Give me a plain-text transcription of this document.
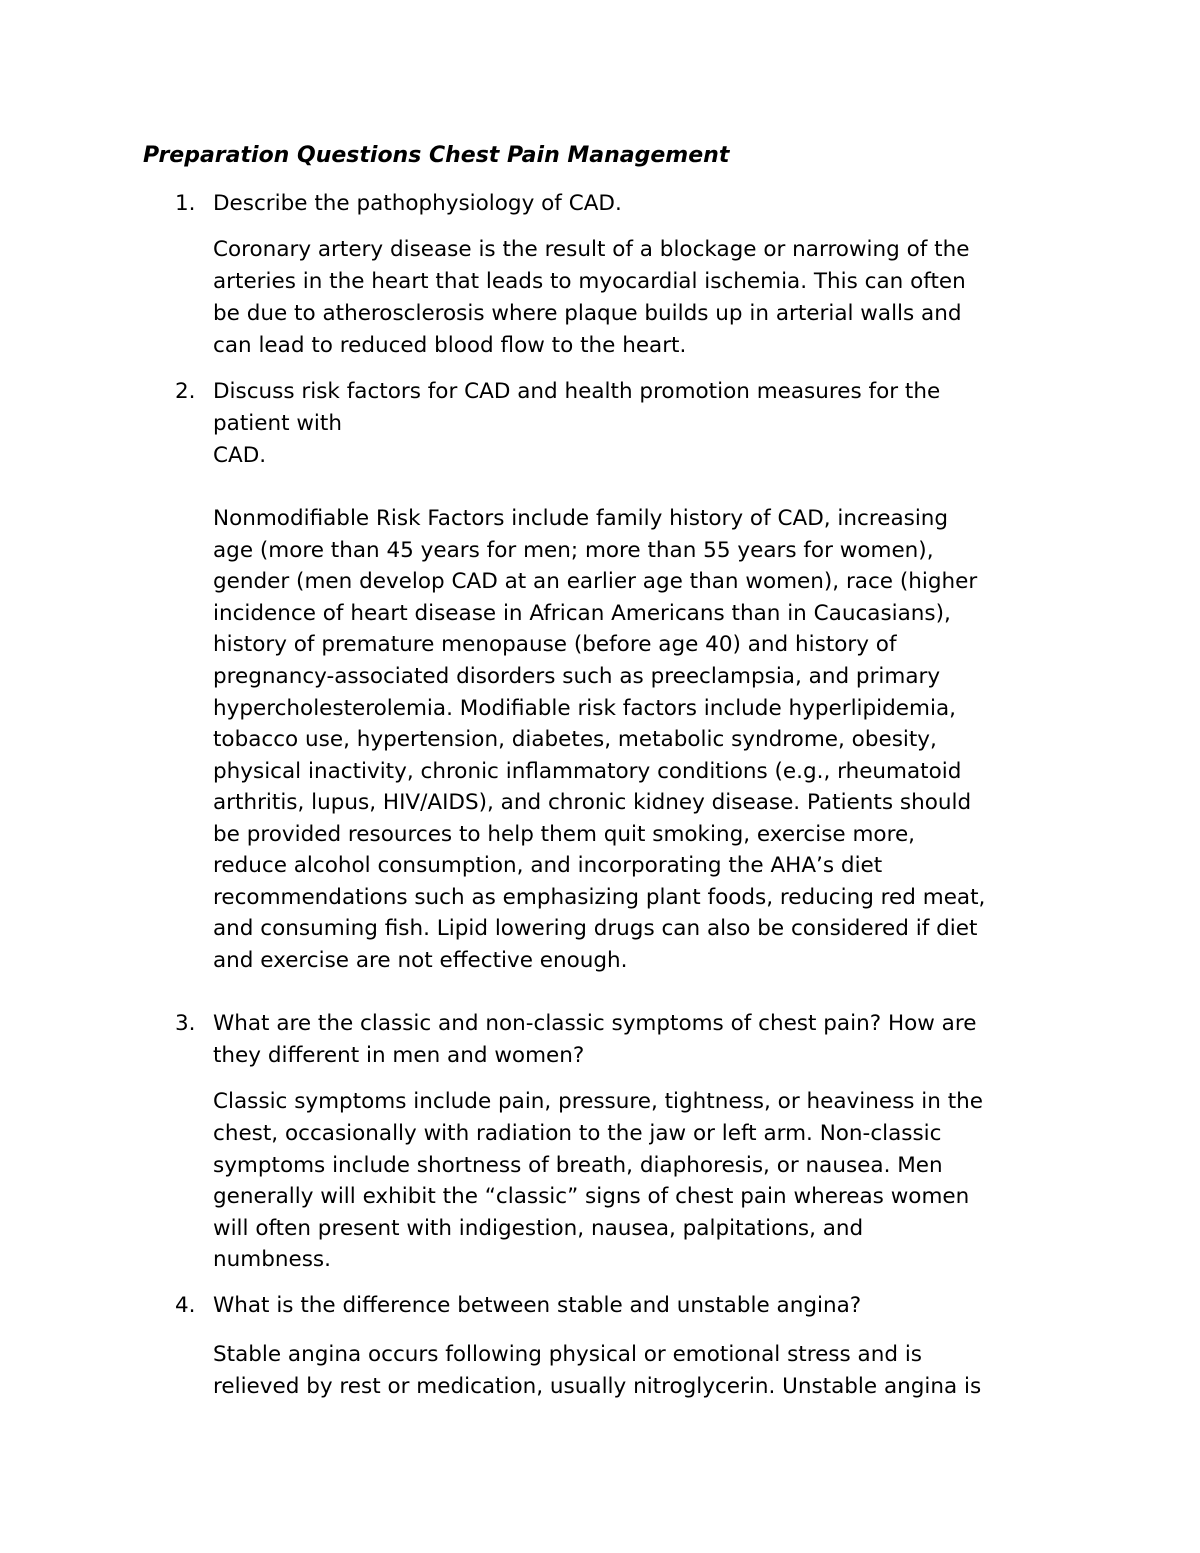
Preparation Questions Chest Pain Management
1. Describe the pathophysiology of CAD.
Coronary artery disease is the result of a blockage or narrowing of the
arteries in the heart that leads to myocardial ischemia. This can often
be due to atherosclerosis where plaque builds up in arterial walls and
can lead to reduced blood flow to the heart.
2. Discuss risk factors for CAD and health promotion measures for the
patient with
CAD.
Nonmodifiable Risk Factors include family history of CAD, increasing
age (more than 45 years for men; more than 55 years for women),
gender (men develop CAD at an earlier age than women), race (higher
incidence of heart disease in African Americans than in Caucasians),
history of premature menopause (before age 40) and history of
pregnancy-associated disorders such as preeclampsia, and primary
hypercholesterolemia. Modifiable risk factors include hyperlipidemia,
tobacco use, hypertension, diabetes, metabolic syndrome, obesity,
physical inactivity, chronic inflammatory conditions (e.g., rheumatoid
arthritis, lupus, HIV/AIDS), and chronic kidney disease. Patients should
be provided resources to help them quit smoking, exercise more,
reduce alcohol consumption, and incorporating the AHA’s diet
recommendations such as emphasizing plant foods, reducing red meat,
and consuming fish. Lipid lowering drugs can also be considered if diet
and exercise are not effective enough.
3. What are the classic and non-classic symptoms of chest pain? How are
they different in men and women?
Classic symptoms include pain, pressure, tightness, or heaviness in the
chest, occasionally with radiation to the jaw or left arm. Non-classic
symptoms include shortness of breath, diaphoresis, or nausea. Men
generally will exhibit the “classic” signs of chest pain whereas women
will often present with indigestion, nausea, palpitations, and
numbness.
4. What is the difference between stable and unstable angina?
Stable angina occurs following physical or emotional stress and is
relieved by rest or medication, usually nitroglycerin. Unstable angina is
